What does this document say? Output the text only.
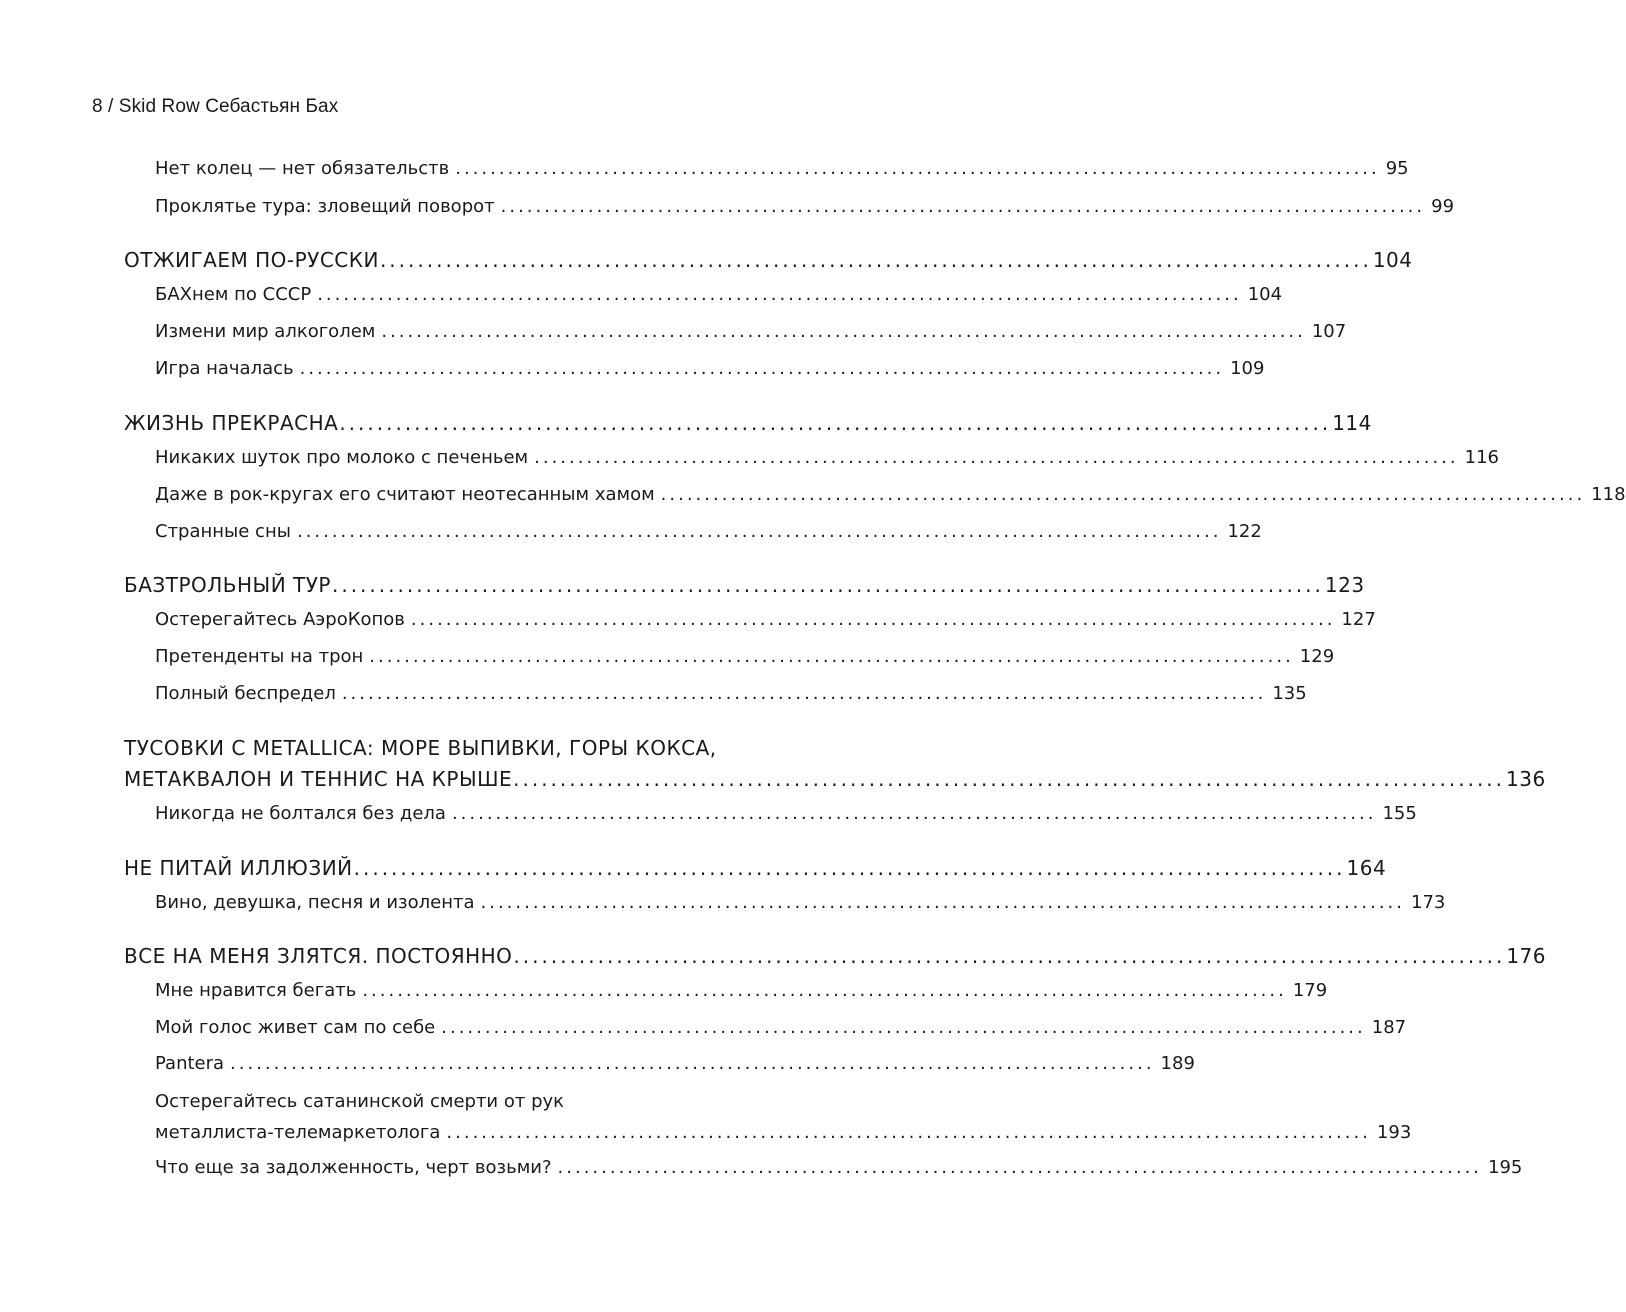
8 / Skid Row Себастьян Бах
Нет колец — нет обязательств .......................................................................................................... 95
Проклятье тура: зловещий поворот .......................................................................................................... 99
ОТЖИГАЕМ ПО-РУССКИ .......................................................................................................... 104
БАХнем по СССР .......................................................................................................... 104
Измени мир алкоголем .......................................................................................................... 107
Игра началась .......................................................................................................... 109
ЖИЗНЬ ПРЕКРАСНА .......................................................................................................... 114
Никаких шуток про молоко с печеньем .......................................................................................................... 116
Даже в рок-кругах его считают неотесанным хамом .......................................................................................................... 118
Странные сны .......................................................................................................... 122
БАЗТРОЛЬНЫЙ ТУР .......................................................................................................... 123
Остерегайтесь АэроКопов .......................................................................................................... 127
Претенденты на трон .......................................................................................................... 129
Полный беспредел .......................................................................................................... 135
ТУСОВКИ С METALLICA: МОРЕ ВЫПИВКИ, ГОРЫ КОКСА,
МЕТАКВАЛОН И ТЕННИС НА КРЫШЕ .......................................................................................................... 136
Никогда не болтался без дела .......................................................................................................... 155
НЕ ПИТАЙ ИЛЛЮЗИЙ .......................................................................................................... 164
Вино, девушка, песня и изолента .......................................................................................................... 173
ВСЕ НА МЕНЯ ЗЛЯТСЯ. ПОСТОЯННО .......................................................................................................... 176
Мне нравится бегать .......................................................................................................... 179
Мой голос живет сам по себе .......................................................................................................... 187
Pantera .......................................................................................................... 189
Остерегайтесь сатанинской смерти от рук
металлиста-телемаркетолога .......................................................................................................... 193
Что еще за задолженность, черт возьми? .......................................................................................................... 195
